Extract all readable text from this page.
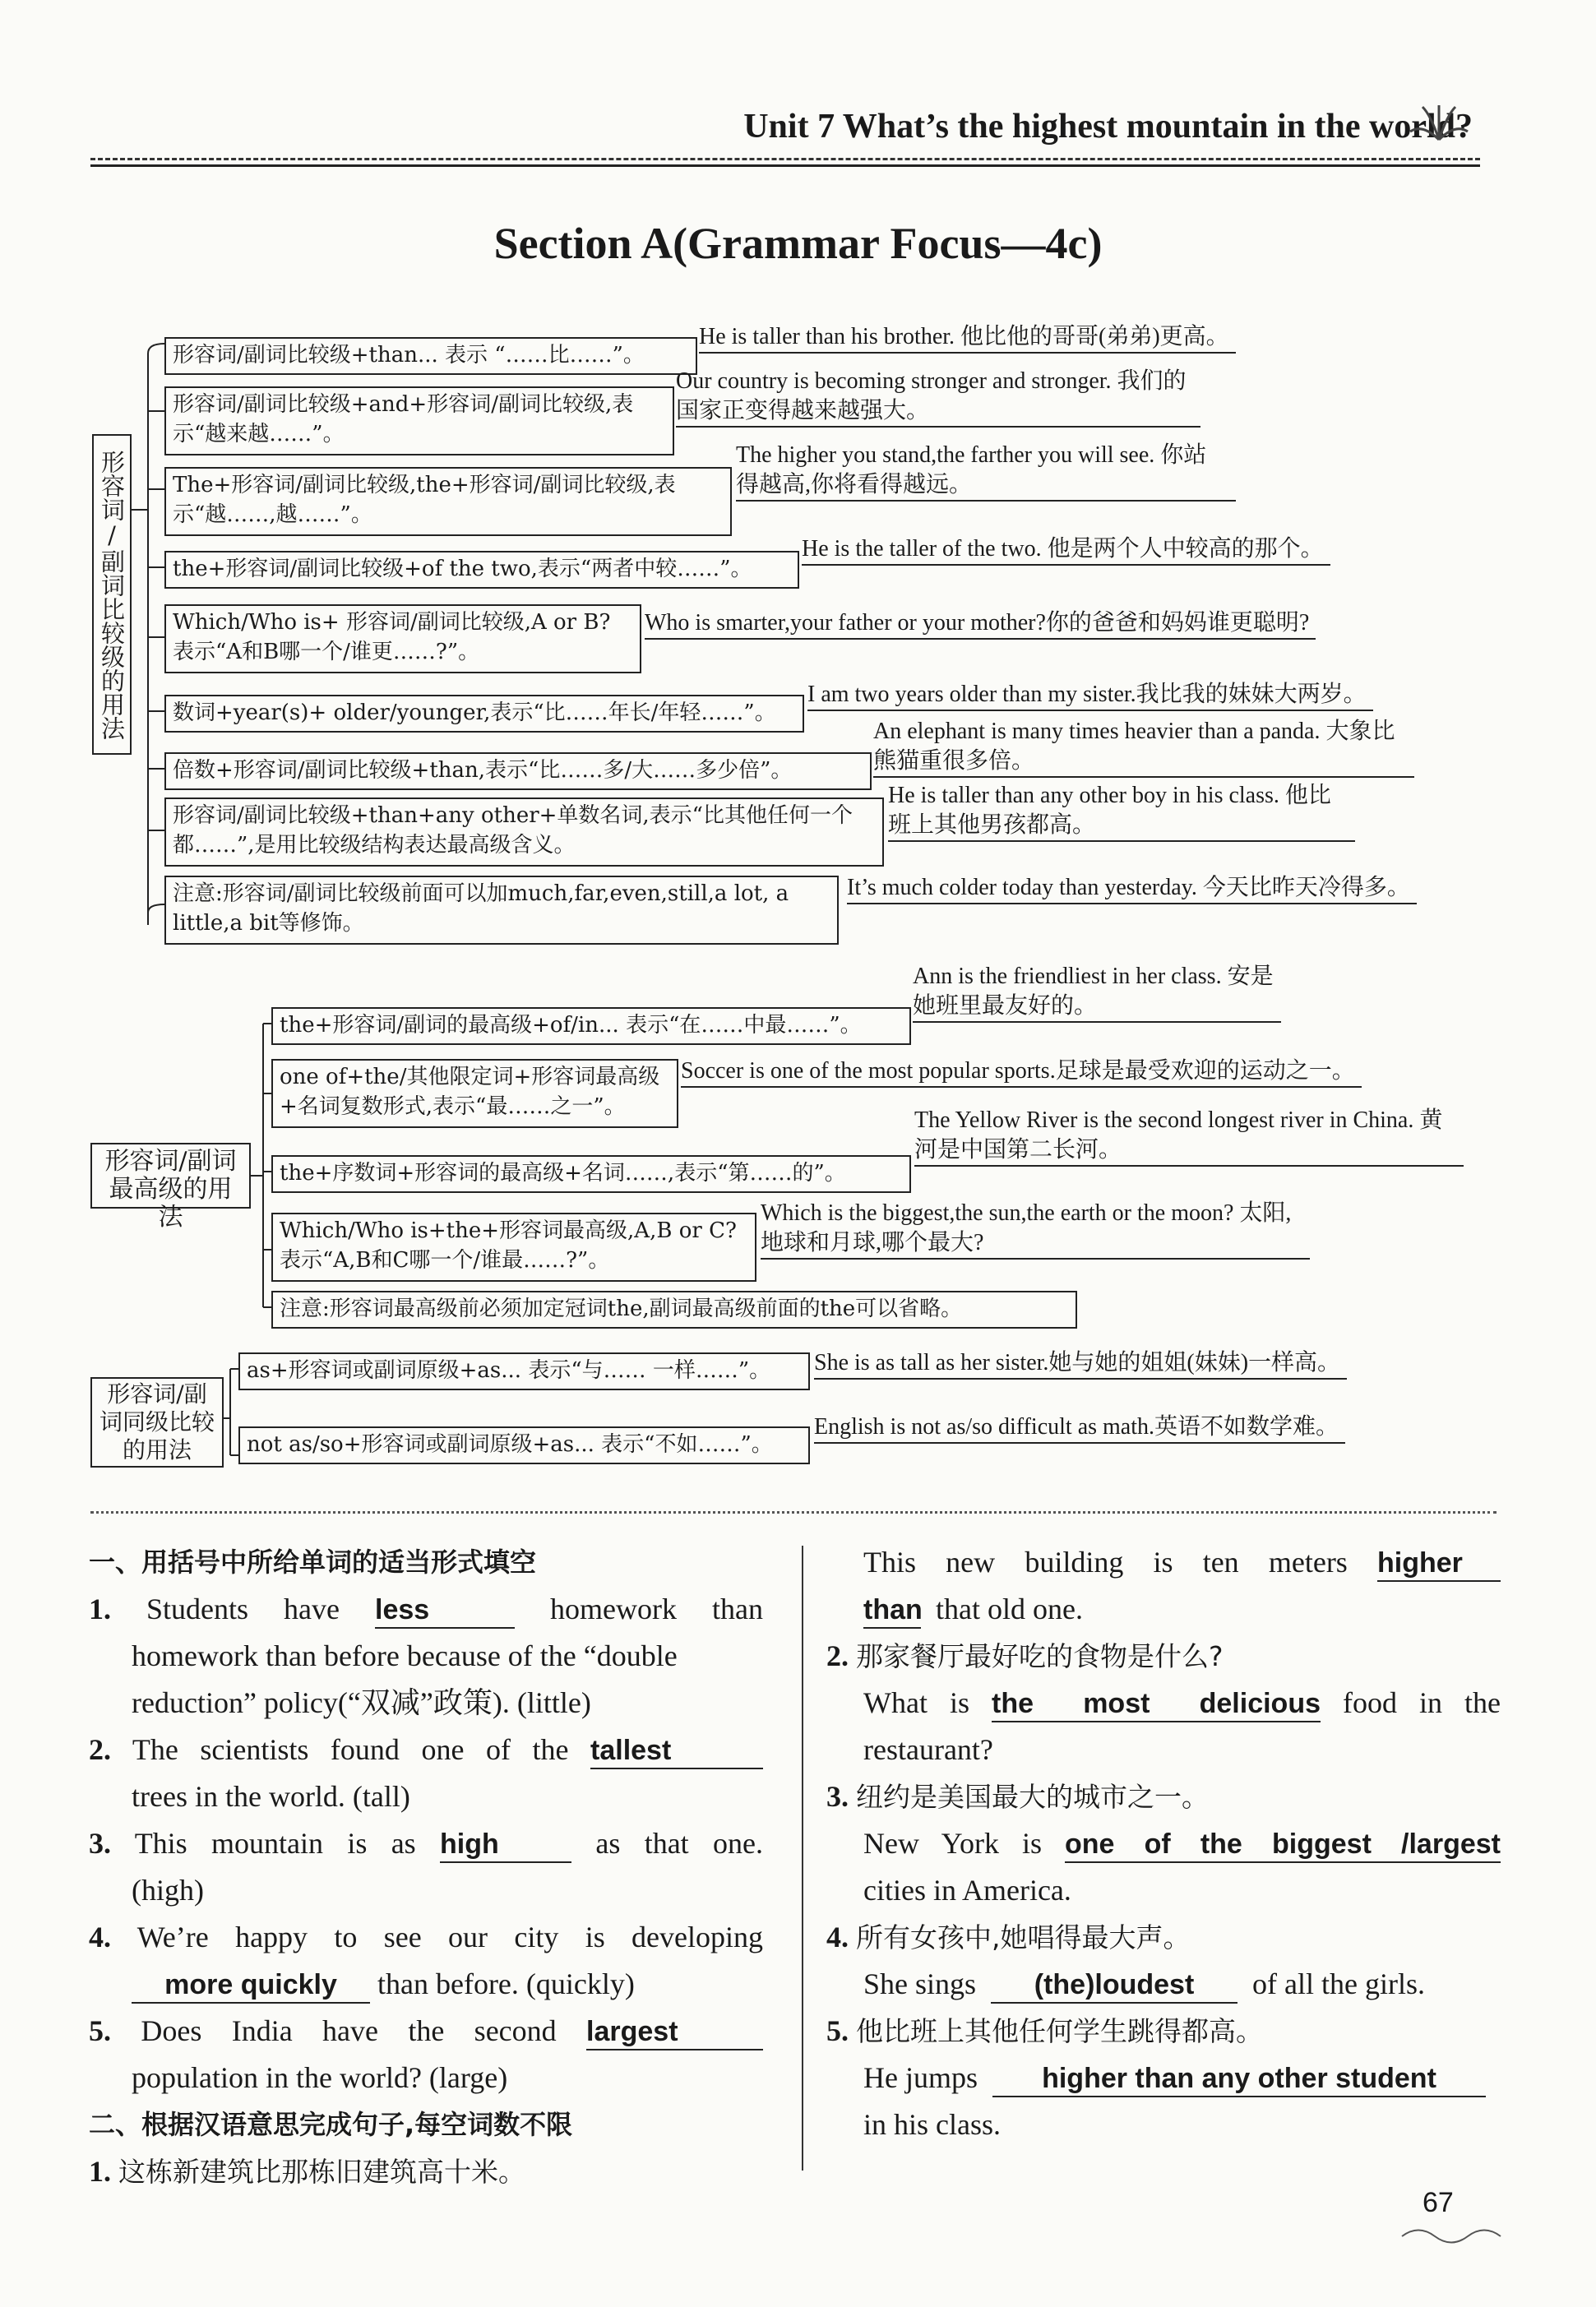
Unit 7 What’s the highest mountain in the world?
Section A(Grammar Focus—4c)
形容词/副词比较级的用法
形容词/副词比较级+than... 表示 “……比……”。
He is taller than his brother. 他比他的哥哥(弟弟)更高。
形容词/副词比较级+and+形容词/副词比较级,表示“越来越……”。
Our country is becoming stronger and stronger. 我们的国家正变得越来越强大。
The+形容词/副词比较级,the+形容词/副词比较级,表示“越……,越……”。
The higher you stand,the farther you will see. 你站得越高,你将看得越远。
the+形容词/副词比较级+of the two,表示“两者中较……”。
He is the taller of the two. 他是两个人中较高的那个。
Which/Who is+ 形容词/副词比较级,A or B? 表示“A和B哪一个/谁更……?”。
Who is smarter,your father or your mother?你的爸爸和妈妈谁更聪明?
数词+year(s)+ older/younger,表示“比……年长/年轻……”。
I am two years older than my sister.我比我的妹妹大两岁。
倍数+形容词/副词比较级+than,表示“比……多/大……多少倍”。
An elephant is many times heavier than a panda. 大象比熊猫重很多倍。
形容词/副词比较级+than+any other+单数名词,表示“比其他任何一个都……”,是用比较级结构表达最高级含义。
He is taller than any other boy in his class. 他比班上其他男孩都高。
注意:形容词/副词比较级前面可以加much,far,even,still,a lot, a little,a bit等修饰。
It’s much colder today than yesterday. 今天比昨天冷得多。
形容词/副词最高级的用法
the+形容词/副词的最高级+of/in... 表示“在……中最……”。
Ann is the friendliest in her class. 安是她班里最友好的。
one of+the/其他限定词+形容词最高级+名词复数形式,表示“最……之一”。
Soccer is one of the most popular sports.足球是最受欢迎的运动之一。
the+序数词+形容词的最高级+名词……,表示“第……的”。
The Yellow River is the second longest river in China. 黄河是中国第二长河。
Which/Who is+the+形容词最高级,A,B or C? 表示“A,B和C哪一个/谁最……?”。
Which is the biggest,the sun,the earth or the moon? 太阳,地球和月球,哪个最大?
注意:形容词最高级前必须加定冠词the,副词最高级前面的the可以省略。
形容词/副词同级比较的用法
as+形容词或副词原级+as... 表示“与…… 一样……”。	She is as tall as her sister.她与她的姐姐(妹妹)一样高。
not as/so+形容词或副词原级+as... 表示“不如……”。
English is not as/so difficult as math.英语不如数学难。
一、用括号中所给单词的适当形式填空
1. Students have less	homework than
homework than before because of the “double reduction” policy(“双减”政策). (little)
2. The scientists found one of the tallest
trees in the world. (tall)
3. This mountain is as high as that one.
(high)
4. We’re happy to see our city is developing
more quickly than before. (quickly)
5. Does India have the second largest
population in the world? (large)
二、根据汉语意思完成句子,每空词数不限
1. 这栋新建筑比那栋旧建筑高十米。
This new building is ten meters higher
than that old one.
2. 那家餐厅最好吃的食物是什么?
What is the most delicious food in the
restaurant?
3. 纽约是美国最大的城市之一。
New York is one of the biggest /largest
cities in America.
4. 所有女孩中,她唱得最大声。
She sings (the)loudest of all the girls.
5. 他比班上其他任何学生跳得都高。
He jumps higher than any other student
in his class.
67
